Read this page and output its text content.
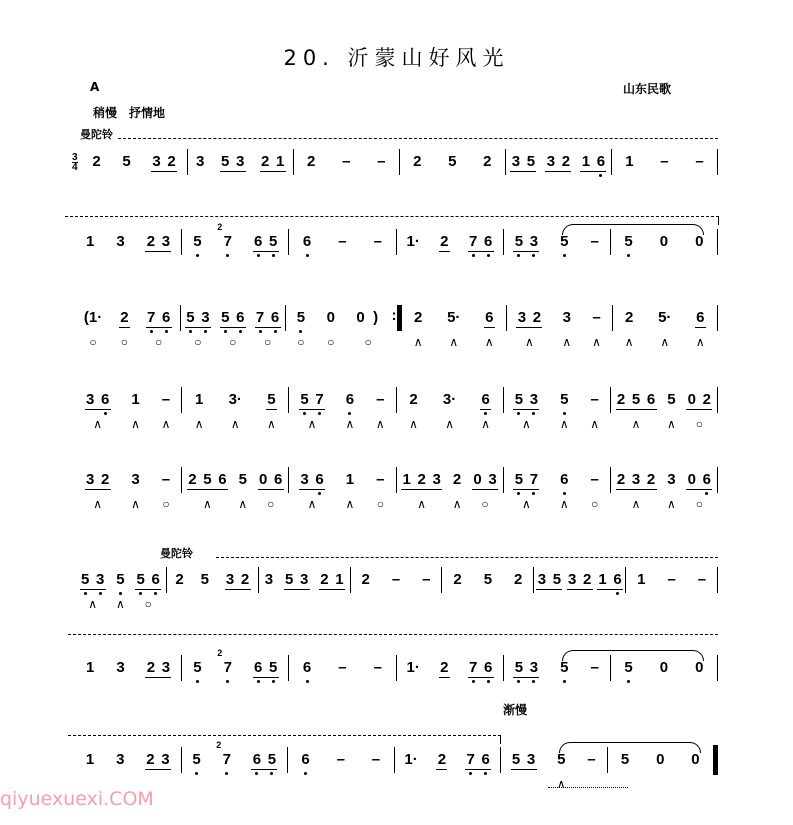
20. 沂蒙山好风光
A	山东民歌
稍慢　抒情地
曼陀铃
曼陀铃
渐慢
qiyuexuexi.COM
3
4 2 5 3 2 3 5 3 2 1 2 – – 2 5 2 3 5 3 2 1 6 1 – –
1 3 2 3 5 7
2
6 5 6 – – 1· 2 7 6 5 3 5 – 5 0 0
(1·
○
2
○
7 6
○
5 3
○
5 6
○
7 6
○
5
○
0
○
0 )
○
:
2
∧
5·
∧
6
∧
3 2
∧
3
∧
–
∧
2
∧
5·
∧
6
∧
3 6
∧
1
∧
–
∧
1
∧
3·
∧
5
∧
5 7
∧
6
∧
–
∧
2
∧
3·
∧
6
∧
5 3
∧
5
∧
–
∧
2 5 6
∧
5
∧
0 2
○
3 2
∧
3
∧
–
○
2 5 6
∧
5
∧
0 6
○
3 6
∧
1
∧
–
○
1 2 3
∧
2
∧
0 3
○
5 7
∧
6
∧
–
○
2 3 2
∧
3
∧
0 6
○
5 3
∧
5
∧
5 6
○
2 5 3 2 3 5 3 2 1 2 – – 2 5 2 3 5 3 2 1 6 1 – –
1 3 2 3 5 7
2
6 5 6 – – 1· 2 7 6 5 3 5 – 5 0 0
1 3 2 3 5 7
2
6 5 6 – – 1· 2 7 6 5 3 5
∧
– 5 0 0
